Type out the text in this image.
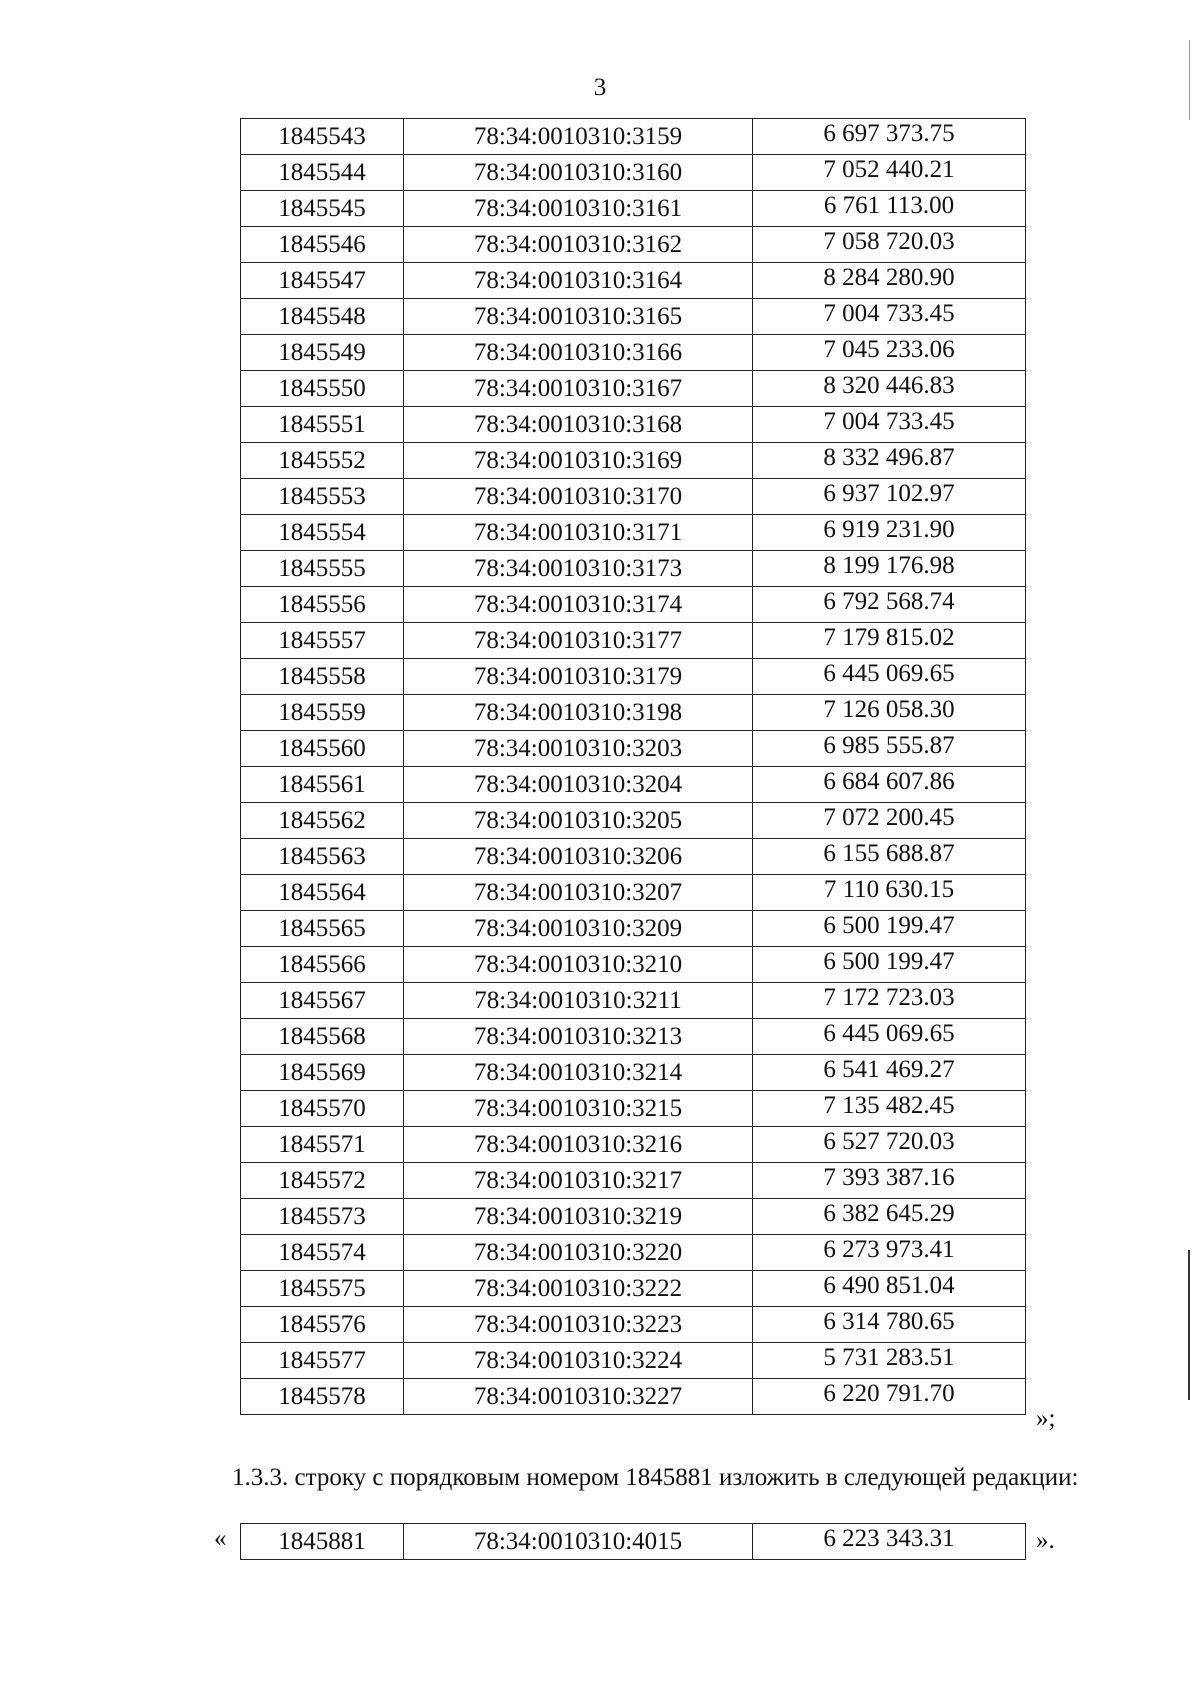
3
1845543	78:34:0010310:3159	6 697 373.75
1845544	78:34:0010310:3160	7 052 440.21
1845545	78:34:0010310:3161	6 761 113.00
1845546	78:34:0010310:3162	7 058 720.03
1845547	78:34:0010310:3164	8 284 280.90
1845548	78:34:0010310:3165	7 004 733.45
1845549	78:34:0010310:3166	7 045 233.06
1845550	78:34:0010310:3167	8 320 446.83
1845551	78:34:0010310:3168	7 004 733.45
1845552	78:34:0010310:3169	8 332 496.87
1845553	78:34:0010310:3170	6 937 102.97
1845554	78:34:0010310:3171	6 919 231.90
1845555	78:34:0010310:3173	8 199 176.98
1845556	78:34:0010310:3174	6 792 568.74
1845557	78:34:0010310:3177	7 179 815.02
1845558	78:34:0010310:3179	6 445 069.65
1845559	78:34:0010310:3198	7 126 058.30
1845560	78:34:0010310:3203	6 985 555.87
1845561	78:34:0010310:3204	6 684 607.86
1845562	78:34:0010310:3205	7 072 200.45
1845563	78:34:0010310:3206	6 155 688.87
1845564	78:34:0010310:3207	7 110 630.15
1845565	78:34:0010310:3209	6 500 199.47
1845566	78:34:0010310:3210	6 500 199.47
1845567	78:34:0010310:3211	7 172 723.03
1845568	78:34:0010310:3213	6 445 069.65
1845569	78:34:0010310:3214	6 541 469.27
1845570	78:34:0010310:3215	7 135 482.45
1845571	78:34:0010310:3216	6 527 720.03
1845572	78:34:0010310:3217	7 393 387.16
1845573	78:34:0010310:3219	6 382 645.29
1845574	78:34:0010310:3220	6 273 973.41
1845575	78:34:0010310:3222	6 490 851.04
1845576	78:34:0010310:3223	6 314 780.65
1845577	78:34:0010310:3224	5 731 283.51
1845578	78:34:0010310:3227	6 220 791.70
»;
1.3.3. строку с порядковым номером 1845881 изложить в следующей редакции:
« 1845881	78:34:0010310:4015	6 223 343.31	».
